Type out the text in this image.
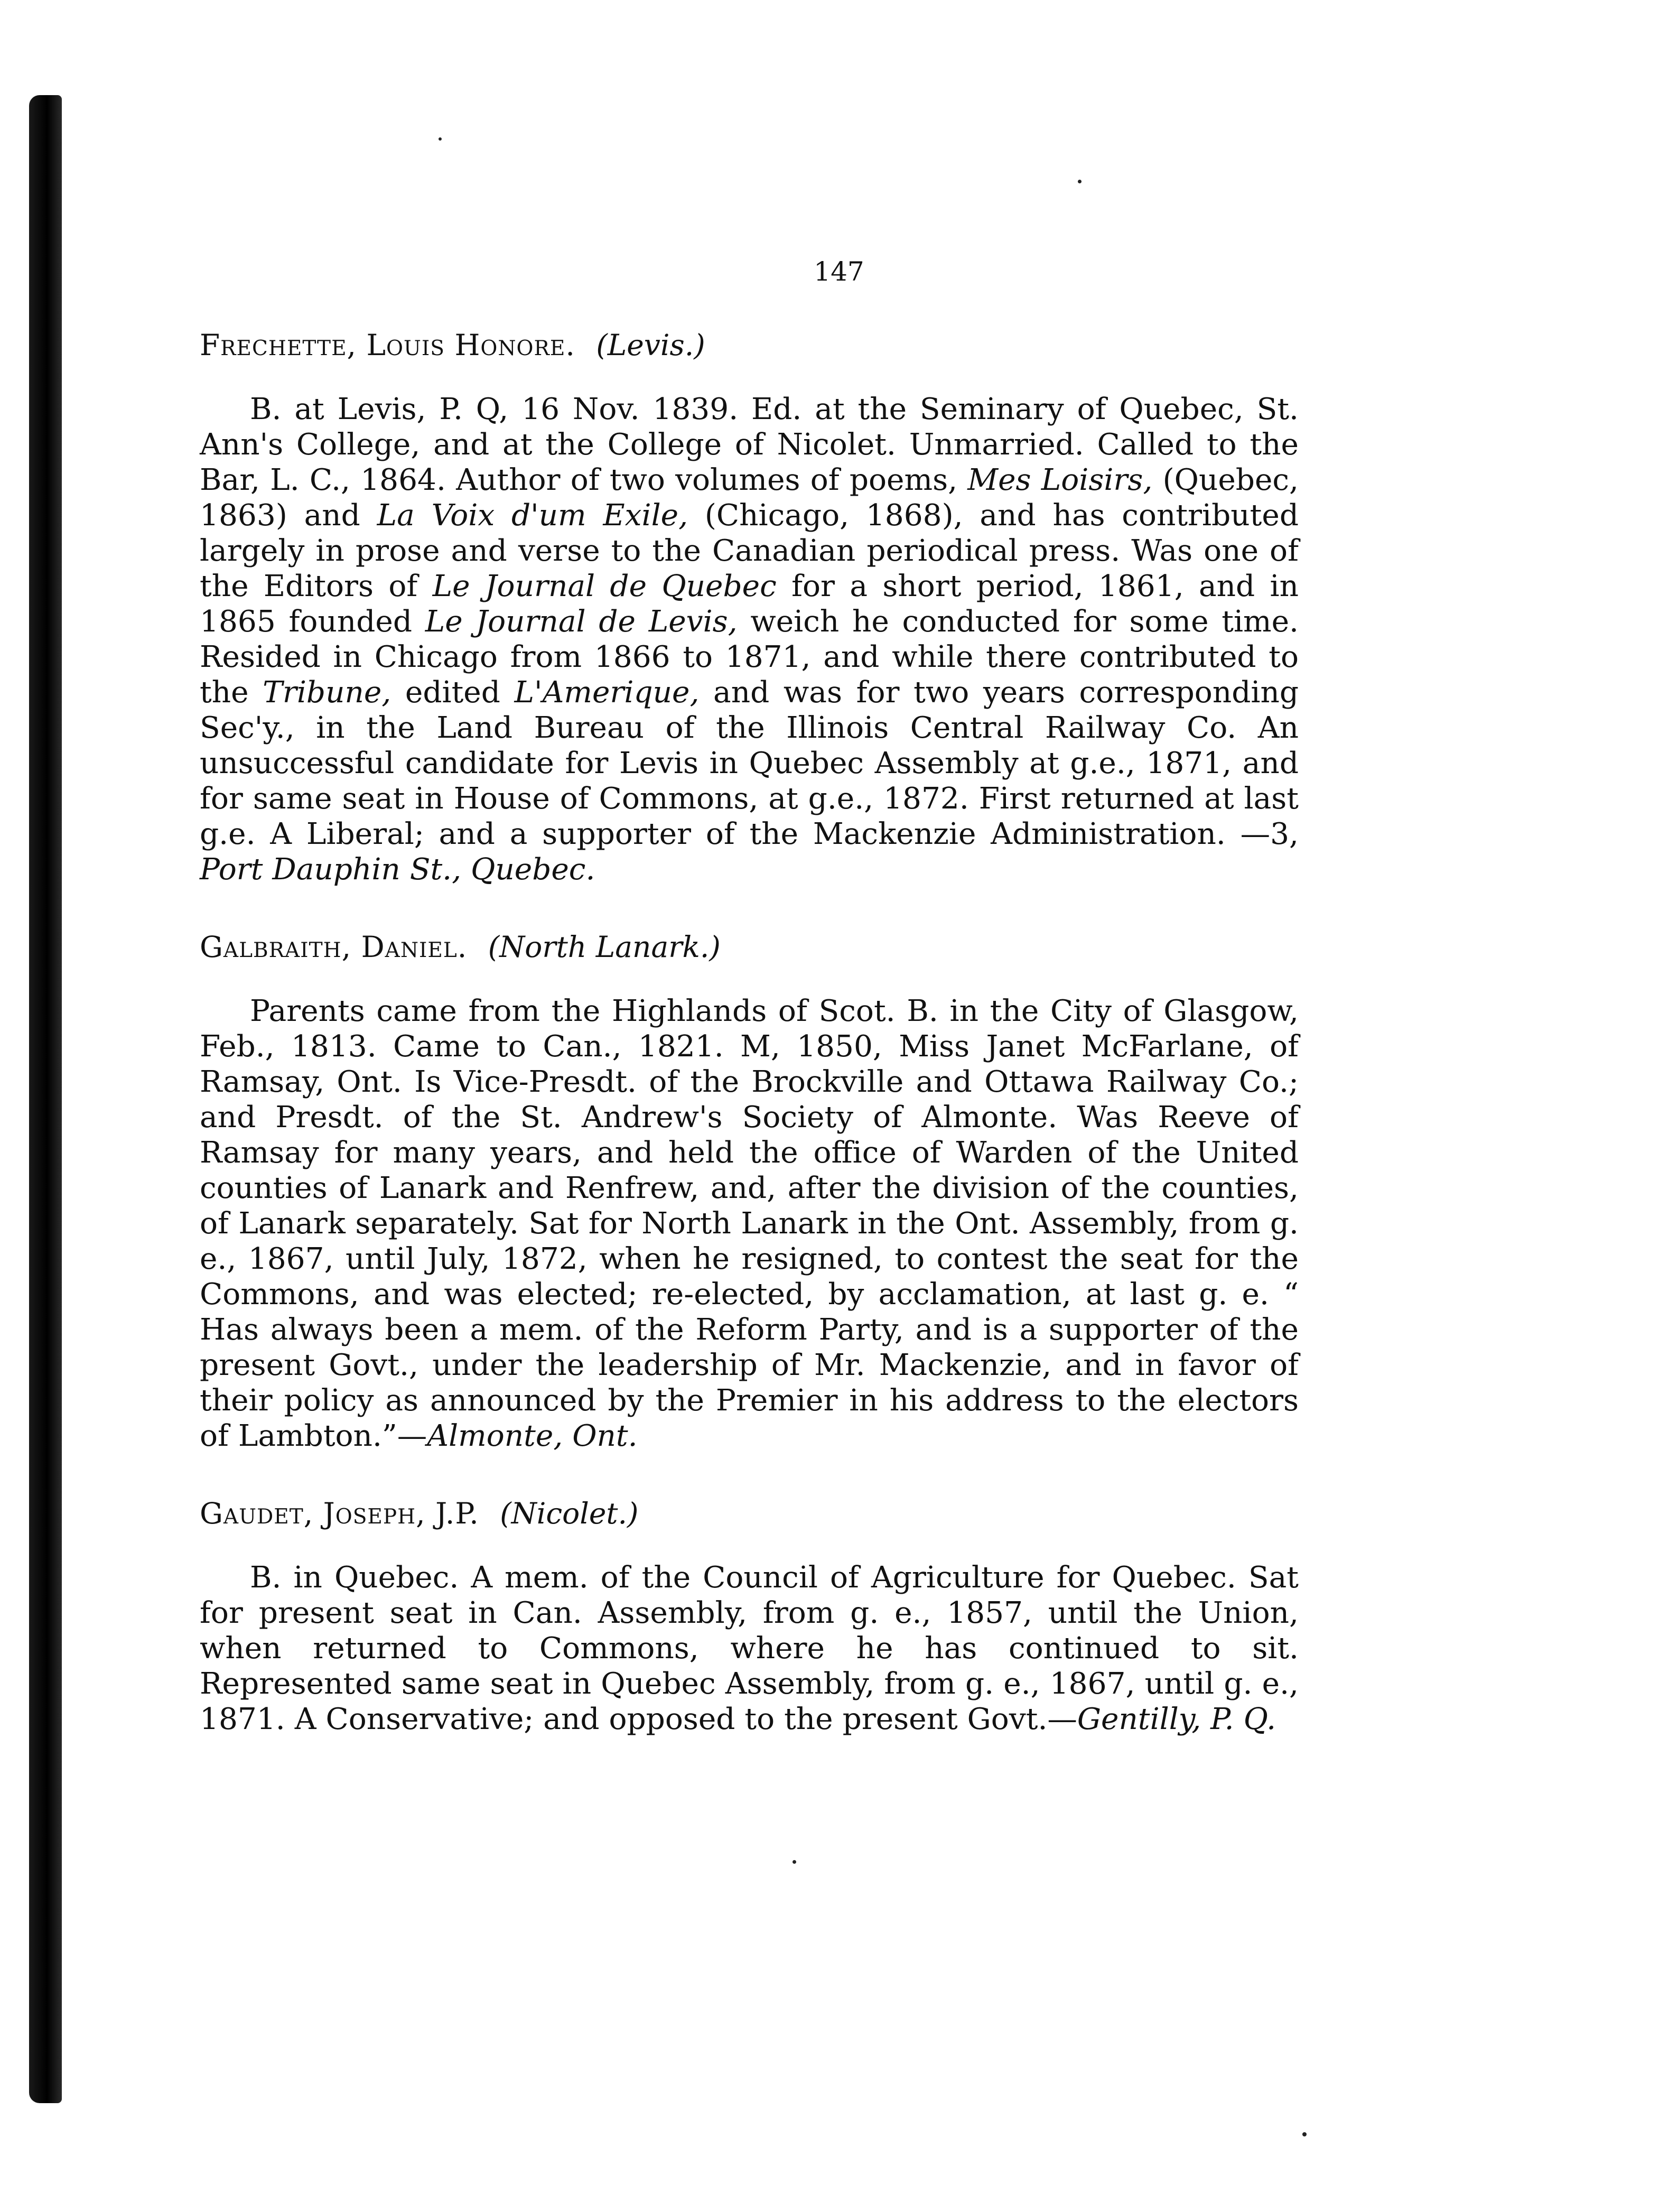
147

Frechette, Louis Honore. (Levis.)

B. at Levis, P. Q, 16 Nov. 1839. Ed. at the Seminary of Quebec, St. Ann's College, and at the College of Nicolet. Unmarried. Called to the Bar, L. C., 1864. Author of two volumes of poems, Mes Loisirs, (Quebec, 1863) and La Voix d'um Exile, (Chicago, 1868), and has contributed largely in prose and verse to the Canadian periodical press. Was one of the Editors of Le Journal de Quebec for a short period, 1861, and in 1865 founded Le Journal de Levis, weich he conducted for some time. Resided in Chicago from 1866 to 1871, and while there contributed to the Tribune, edited L'Amerique, and was for two years corresponding Sec'y., in the Land Bureau of the Illinois Central Railway Co. An unsuccessful candidate for Levis in Quebec Assembly at g.e., 1871, and for same seat in House of Commons, at g.e., 1872. First returned at last g.e. A Liberal; and a supporter of the Mackenzie Administration. —3, Port Dauphin St., Quebec.

Galbraith, Daniel. (North Lanark.)

Parents came from the Highlands of Scot. B. in the City of Glasgow, Feb., 1813. Came to Can., 1821. M, 1850, Miss Janet McFarlane, of Ramsay, Ont. Is Vice-Presdt. of the Brockville and Ottawa Railway Co.; and Presdt. of the St. Andrew's Society of Almonte. Was Reeve of Ramsay for many years, and held the office of Warden of the United counties of Lanark and Renfrew, and, after the division of the counties, of Lanark separately. Sat for North Lanark in the Ont. Assembly, from g. e., 1867, until July, 1872, when he resigned, to contest the seat for the Commons, and was elected; re-elected, by acclamation, at last g. e. “ Has always been a mem. of the Reform Party, and is a supporter of the present Govt., under the leadership of Mr. Mackenzie, and in favor of their policy as announced by the Premier in his address to the electors of Lambton.”—Almonte, Ont.

Gaudet, Joseph, J.P. (Nicolet.)

B. in Quebec. A mem. of the Council of Agriculture for Quebec. Sat for present seat in Can. Assembly, from g. e., 1857, until the Union, when returned to Commons, where he has continued to sit. Represented same seat in Quebec Assembly, from g. e., 1867, until g. e., 1871. A Conservative; and opposed to the present Govt.—Gentilly, P. Q.
